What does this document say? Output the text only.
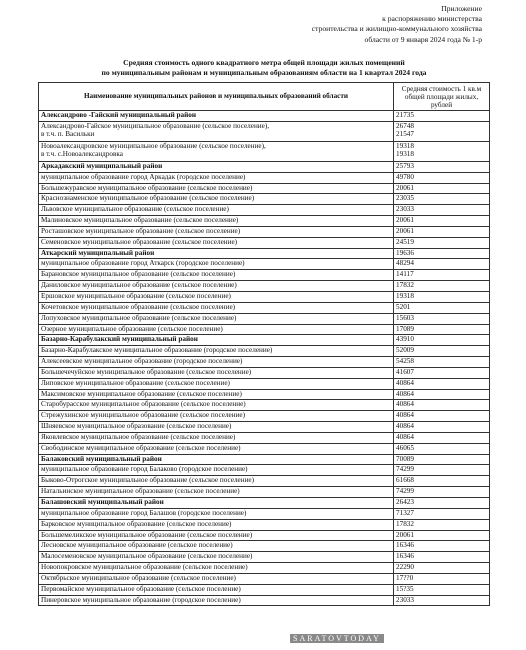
Приложение
к распоряжению министерства
строительства и жилищно-коммунального хозяйства
области от 9 января 2024 года № 1-р
Средняя стоимость одного квадратного метра общей площади жилых помещений
по муниципальным районам и муниципальным образованиям области на 1 квартал 2024 года
Наименование муниципальных районов и муниципальных образований области	Средняя стоимость 1 кв.м общей площади жилых, рублей
Александрово -Гайский муниципальный район	21735

Александрово-Гайское муниципальное образование (сельское поселение),
в т.ч. п. Васильки	26748
21547

Новоалександровское муниципальное образование (сельское поселение),
в т.ч. с.Новоалександровка	19318
19318

Аркадакский муниципальный район	25793
муниципальное образование город Аркадак (городское поселение)	49780
Большежуравское муниципальное образование (сельское поселение)	20061
Краснознаменское муниципальное образование (сельское поселение)	23035
Львовское муниципальное образование (сельское поселение)	23033
Малиновское муниципальное образование (сельское поселение)	20061
Росташовское муниципальное образование (сельское поселение)	20061
Семеновское муниципальное образование (сельское поселение)	24519
Аткарский муниципальный район	19636
муниципальное образование город Аткарск (городское поселение)	48294
Барановское муниципальное образование (сельское поселение)	14117
Даниловское муниципальное образование (сельское поселение)	17832
Ершовское муниципальное образование (сельское поселение)	19318
Кочетовское муниципальное образование (сельское поселение)	5201
Лопуховское муниципальное образование (сельское поселение)	15603
Озерное муниципальное образование (сельское поселение)	17089
Базарно-Карабулакский муниципальный район	43910
Базарно-Карабулакское муниципальное образование (городское поселение)	52009
Алексеевское муниципальное образование (городское поселение)	54258
Большечечуйское муниципальное образование (сельское поселение)	41607
Липовское муниципальное образование (сельское поселение)	40864
Максимовское муниципальное образование (сельское поселение)	40864
Старобурасское муниципальное образование (сельское поселение)	40864
Стрежухинское муниципальное образование (сельское поселение)	40864
Шняевское муниципальное образование (сельское поселение)	40864
Яковлевское муниципальное образование (сельское поселение)	40864
Свободинское муниципальное образование (сельское поселение)	46065
Балаковский муниципальный район	70089
муниципальное образование город Балаково (городское поселение)	74299
Быково-Отрогское муниципальное образование (сельское поселение)	61668
Натальинское муниципальное образование (сельское поселение)	74299
Балашовский муниципальный район	26423
муниципальное образование город Балашов (городское поселение)	71327
Барковское муниципальное образование (сельское поселение)	17832
Большемеликское муниципальное образование (сельское поселение)	20061
Лесновское муниципальное образование (сельское поселение)	16346
Малосеменовское муниципальное образование (сельское поселение)	16346
Новопокровское муниципальное образование (сельское поселение)	22290
Октябрьское муниципальное образование (сельское поселение)	17??0
Первомайское муниципальное образование (сельское поселение)	15?35
Пинеровское муниципальное образование (городское поселение)	23033
SARATOVTODAY
